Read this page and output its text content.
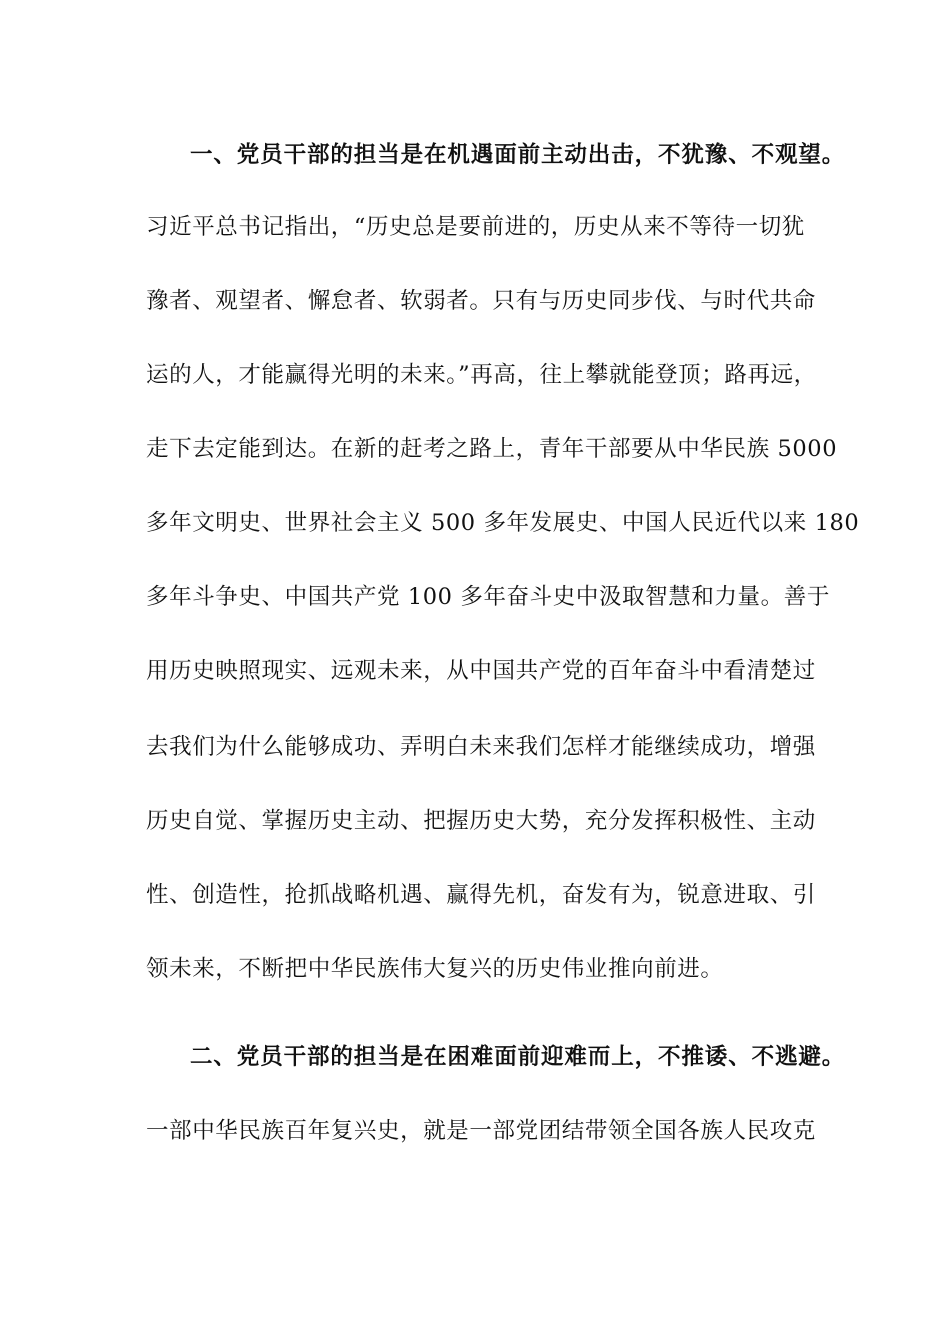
一、党员干部的担当是在机遇面前主动出击，不犹豫、不观望。
习近平总书记指出，“历史总是要前进的，历史从来不等待一切犹
豫者、观望者、懈怠者、软弱者。只有与历史同步伐、与时代共命
运的人，才能赢得光明的未来。”再高，往上攀就能登顶；路再远，
走下去定能到达。在新的赶考之路上，青年干部要从中华民族 5000
多年文明史、世界社会主义 500 多年发展史、中国人民近代以来 180
多年斗争史、中国共产党 100 多年奋斗史中汲取智慧和力量。善于
用历史映照现实、远观未来，从中国共产党的百年奋斗中看清楚过
去我们为什么能够成功、弄明白未来我们怎样才能继续成功，增强
历史自觉、掌握历史主动、把握历史大势，充分发挥积极性、主动
性、创造性，抢抓战略机遇、赢得先机，奋发有为，锐意进取、引
领未来，不断把中华民族伟大复兴的历史伟业推向前进。
二、党员干部的担当是在困难面前迎难而上，不推诿、不逃避。
一部中华民族百年复兴史，就是一部党团结带领全国各族人民攻克
